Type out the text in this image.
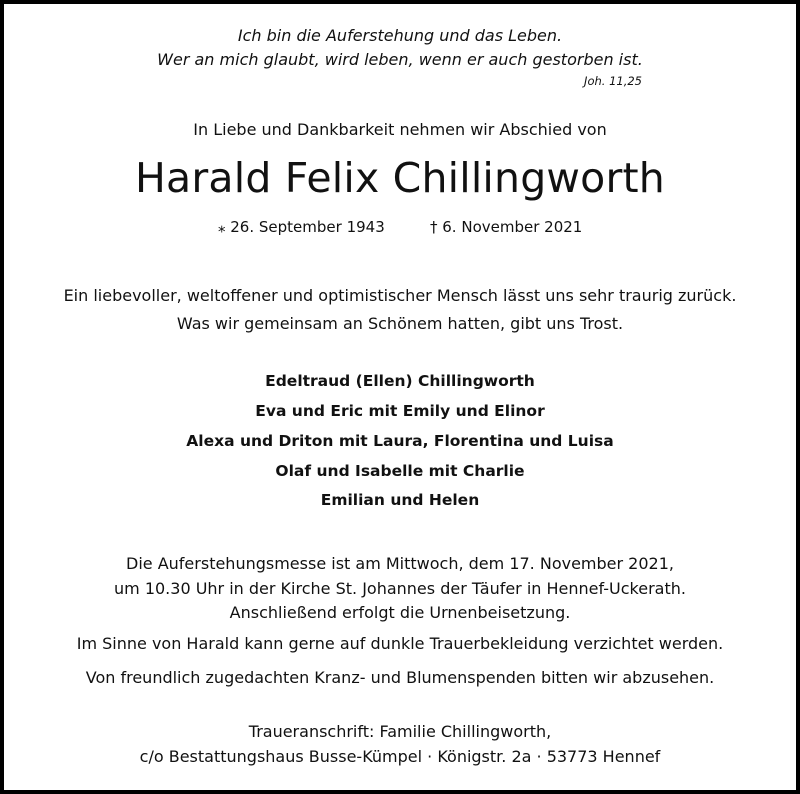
Ich bin die Auferstehung und das Leben.
Wer an mich glaubt, wird leben, wenn er auch gestorben ist.
Joh. 11,25
In Liebe und Dankbarkeit nehmen wir Abschied von
Harald Felix Chillingworth
⁎ 26. September 1943	† 6. November 2021
Ein liebevoller, weltoffener und optimistischer Mensch lässt uns sehr traurig zurück.
Was wir gemeinsam an Schönem hatten, gibt uns Trost.
Edeltraud (Ellen) Chillingworth
Eva und Eric mit Emily und Elinor
Alexa und Driton mit Laura, Florentina und Luisa
Olaf und Isabelle mit Charlie
Emilian und Helen
Die Auferstehungsmesse ist am Mittwoch, dem 17. November 2021,
um 10.30 Uhr in der Kirche St. Johannes der Täufer in Hennef-Uckerath.
Anschließend erfolgt die Urnenbeisetzung.
Im Sinne von Harald kann gerne auf dunkle Trauerbekleidung verzichtet werden.
Von freundlich zugedachten Kranz- und Blumenspenden bitten wir abzusehen.
Traueranschrift: Familie Chillingworth,
c/o Bestattungshaus Busse-Kümpel · Königstr. 2a · 53773 Hennef
